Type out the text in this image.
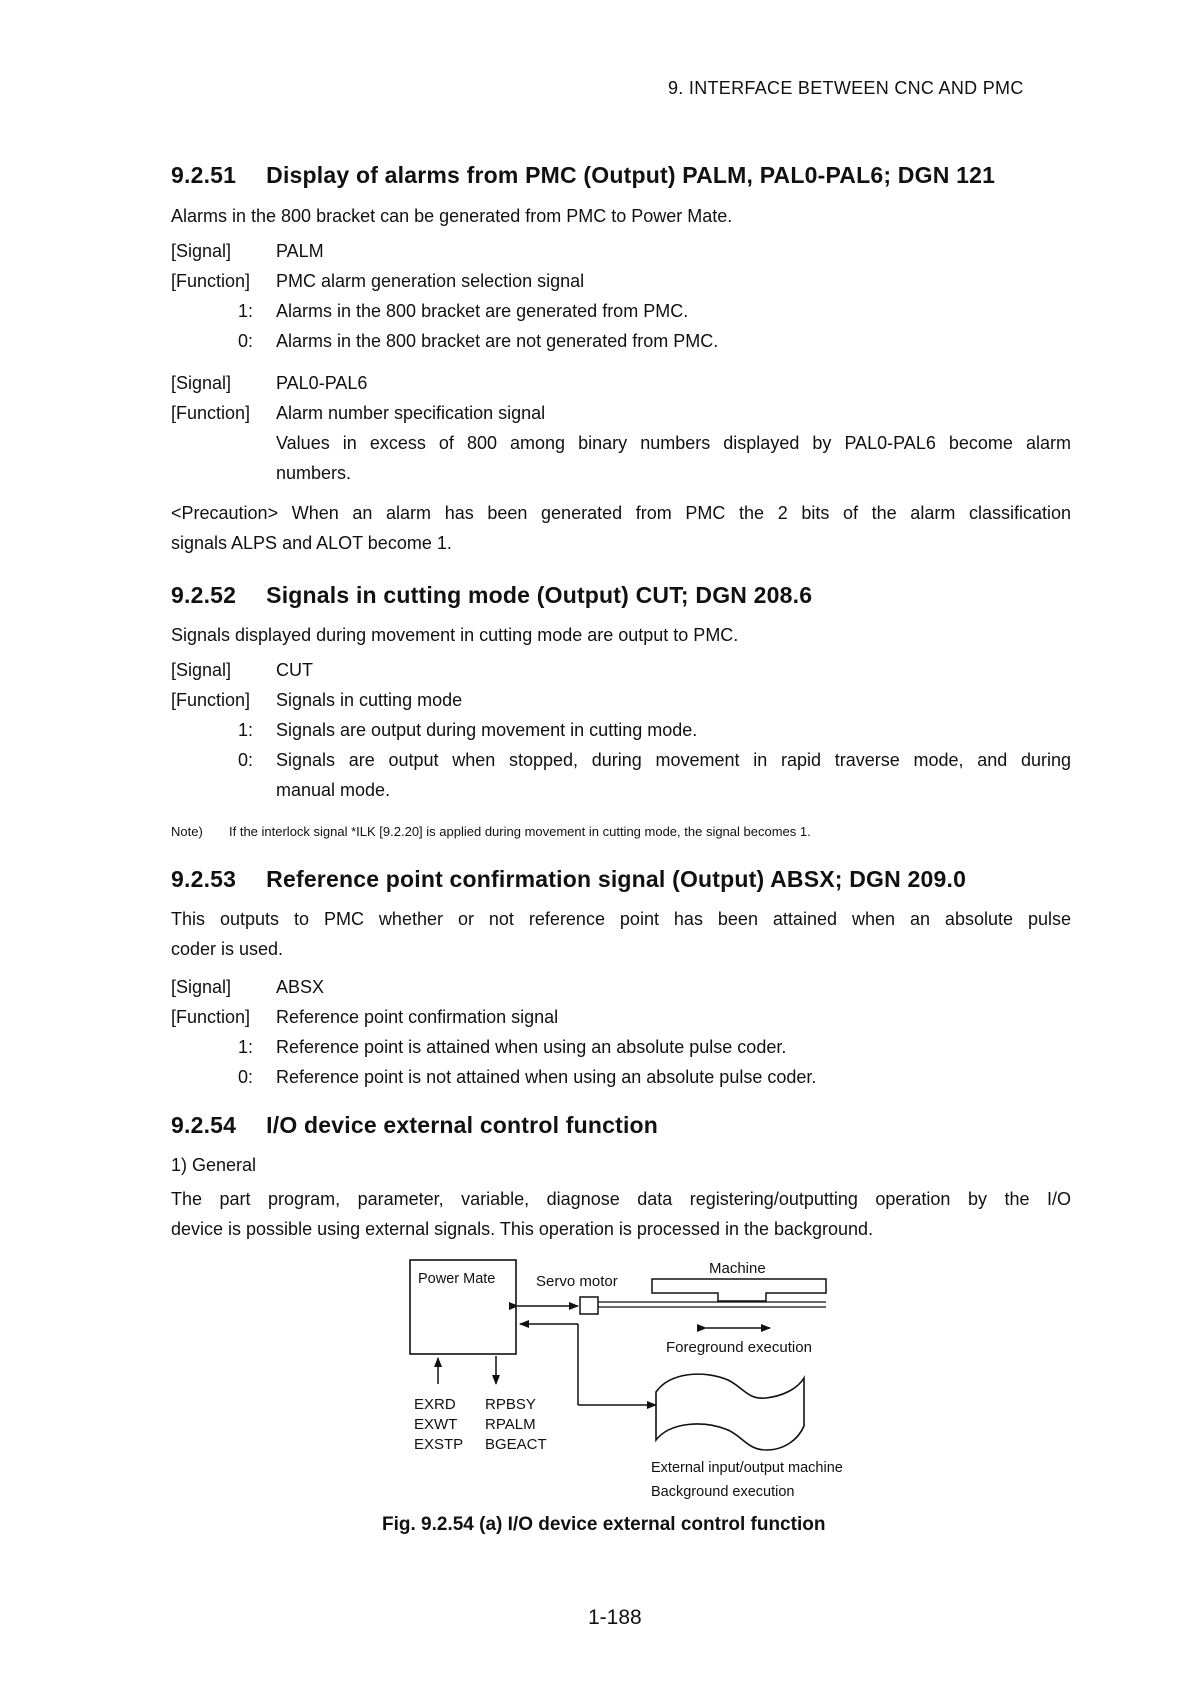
9. INTERFACE BETWEEN CNC AND PMC
9.2.51 Display of alarms from PMC (Output) PALM, PAL0-PAL6; DGN 121
Alarms in the 800 bracket can be generated from PMC to Power Mate.
[Signal] PALM
[Function] PMC alarm generation selection signal
1: Alarms in the 800 bracket are generated from PMC.
0: Alarms in the 800 bracket are not generated from PMC.
[Signal] PAL0-PAL6
[Function] Alarm number specification signal
Values in excess of 800 among binary numbers displayed by PAL0-PAL6 become alarm
numbers.
<Precaution> When an alarm has been generated from PMC the 2 bits of the alarm classification
signals ALPS and ALOT become 1.
9.2.52 Signals in cutting mode (Output) CUT; DGN 208.6
Signals displayed during movement in cutting mode are output to PMC.
[Signal] CUT
[Function] Signals in cutting mode
1: Signals are output during movement in cutting mode.
0: Signals are output when stopped, during movement in rapid traverse mode, and during
manual mode.
Note) If the interlock signal *ILK [9.2.20] is applied during movement in cutting mode, the signal becomes 1.
9.2.53 Reference point confirmation signal (Output) ABSX; DGN 209.0
This outputs to PMC whether or not reference point has been attained when an absolute pulse
coder is used.
[Signal] ABSX
[Function] Reference point confirmation signal
1: Reference point is attained when using an absolute pulse coder.
0: Reference point is not attained when using an absolute pulse coder.
9.2.54 I/O device external control function
1) General
The part program, parameter, variable, diagnose data registering/outputting operation by the I/O
device is possible using external signals. This operation is processed in the background.
Power Mate	Servo motor
Machine
Foreground execution
EXRD
EXWT
EXSTP
RPBSY
RPALM
BGEACT
External input/output machine
Background execution
Fig. 9.2.54 (a) I/O device external control function
1-188
